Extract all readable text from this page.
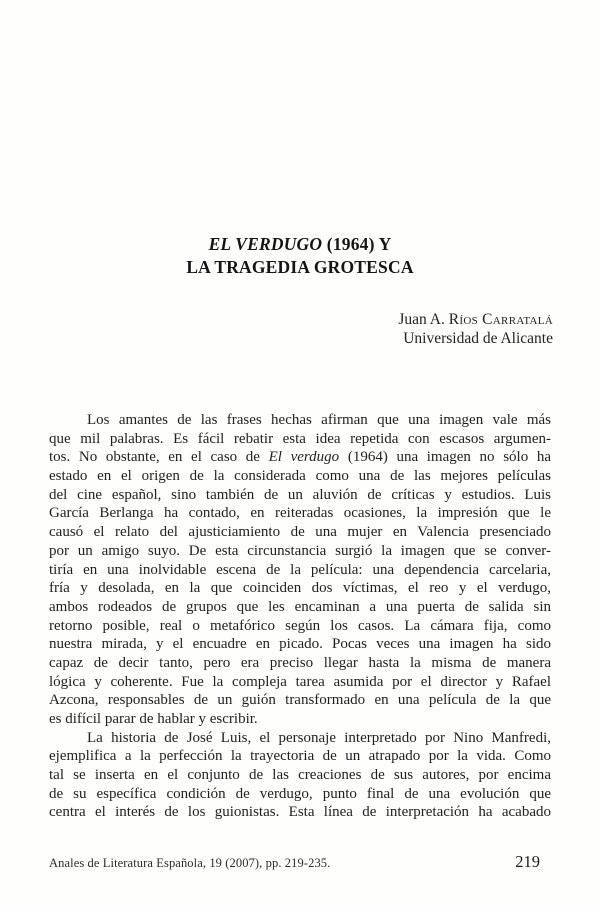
EL VERDUGO (1964) Y
LA TRAGEDIA GROTESCA
Juan A. Ríos Carratalá
Universidad de Alicante
Los amantes de las frases hechas afirman que una imagen vale más
que mil palabras. Es fácil rebatir esta idea repetida con escasos argumen-
tos. No obstante, en el caso de El verdugo (1964) una imagen no sólo ha
estado en el origen de la considerada como una de las mejores películas
del cine español, sino también de un aluvión de críticas y estudios. Luis
García Berlanga ha contado, en reiteradas ocasiones, la impresión que le
causó el relato del ajusticiamiento de una mujer en Valencia presenciado
por un amigo suyo. De esta circunstancia surgió la imagen que se conver-
tiría en una inolvidable escena de la película: una dependencia carcelaria,
fría y desolada, en la que coinciden dos víctimas, el reo y el verdugo,
ambos rodeados de grupos que les encaminan a una puerta de salida sin
retorno posible, real o metafórico según los casos. La cámara fija, como
nuestra mirada, y el encuadre en picado. Pocas veces una imagen ha sido
capaz de decir tanto, pero era preciso llegar hasta la misma de manera
lógica y coherente. Fue la compleja tarea asumida por el director y Rafael
Azcona, responsables de un guión transformado en una película de la que
es difícil parar de hablar y escribir.
La historia de José Luis, el personaje interpretado por Nino Manfredi,
ejemplifica a la perfección la trayectoria de un atrapado por la vida. Como
tal se inserta en el conjunto de las creaciones de sus autores, por encima
de su específica condición de verdugo, punto final de una evolución que
centra el interés de los guionistas. Esta línea de interpretación ha acabado
Anales de Literatura Española, 19 (2007), pp. 219-235.	219
